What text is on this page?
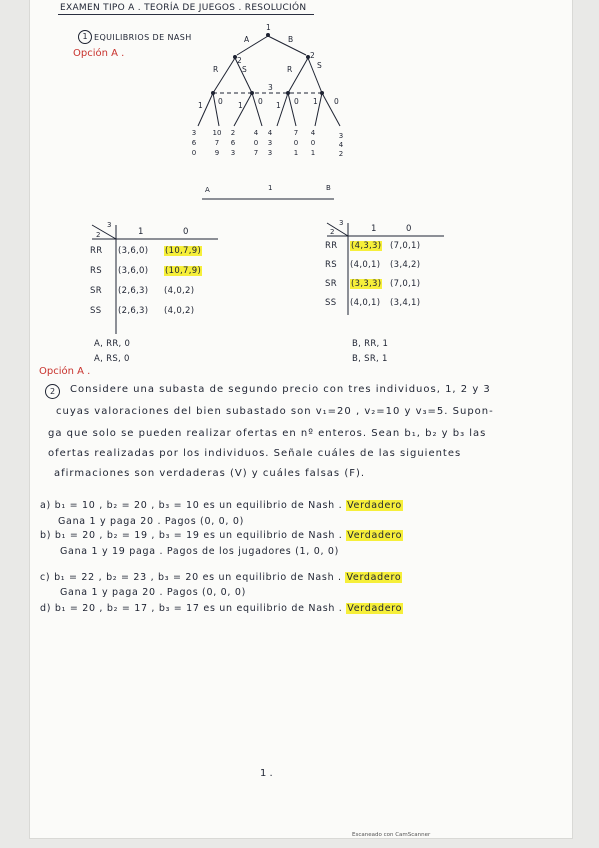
EXAMEN TIPO A . TEORÍA DE JUEGOS . RESOLUCIÓN
1 EQUILIBRIOS DE NASH
Opción A .
1
A	B
2
2
R	S	R	S
3
1 0 1 0 1 0 1 0
3
6
0
10
7
9
2
6
3
4
0
7
4
3
3
7
0
1
4
0
1
3
4
2
A	1	B
3
2	1	0
RR (3,6,0) (10,7,9)
RS (3,6,0) (10,7,9)
SR (2,6,3) (4,0,2)
SS (2,6,3) (4,0,2)
A, RR, 0
A, RS, 0
3
2	1	0
RR (4,3,3) (7,0,1)
RS (4,0,1) (3,4,2)
SR (3,3,3) (7,0,1)
SS (4,0,1) (3,4,1)
B, RR, 1
B, SR, 1
Opción A .
2	Considere una subasta de segundo precio con tres individuos, 1, 2 y 3
cuyas valoraciones del bien subastado son v₁=20 , v₂=10 y v₃=5. Supon-
ga que solo se pueden realizar ofertas en nº enteros. Sean b₁, b₂ y b₃ las
ofertas realizadas por los individuos. Señale cuáles de las siguientes
afirmaciones son verdaderas (V) y cuáles falsas (F).
a) b₁ = 10 , b₂ = 20 , b₃ = 10 es un equilibrio de Nash . Verdadero
Gana 1 y paga 20 . Pagos (0, 0, 0)
b) b₁ = 20 , b₂ = 19 , b₃ = 19 es un equilibrio de Nash . Verdadero
Gana 1 y 19 paga . Pagos de los jugadores (1, 0, 0)
c) b₁ = 22 , b₂ = 23 , b₃ = 20 es un equilibrio de Nash . Verdadero
Gana 1 y paga 20 . Pagos (0, 0, 0)
d) b₁ = 20 , b₂ = 17 , b₃ = 17 es un equilibrio de Nash . Verdadero
1 .
Escaneado con CamScanner
